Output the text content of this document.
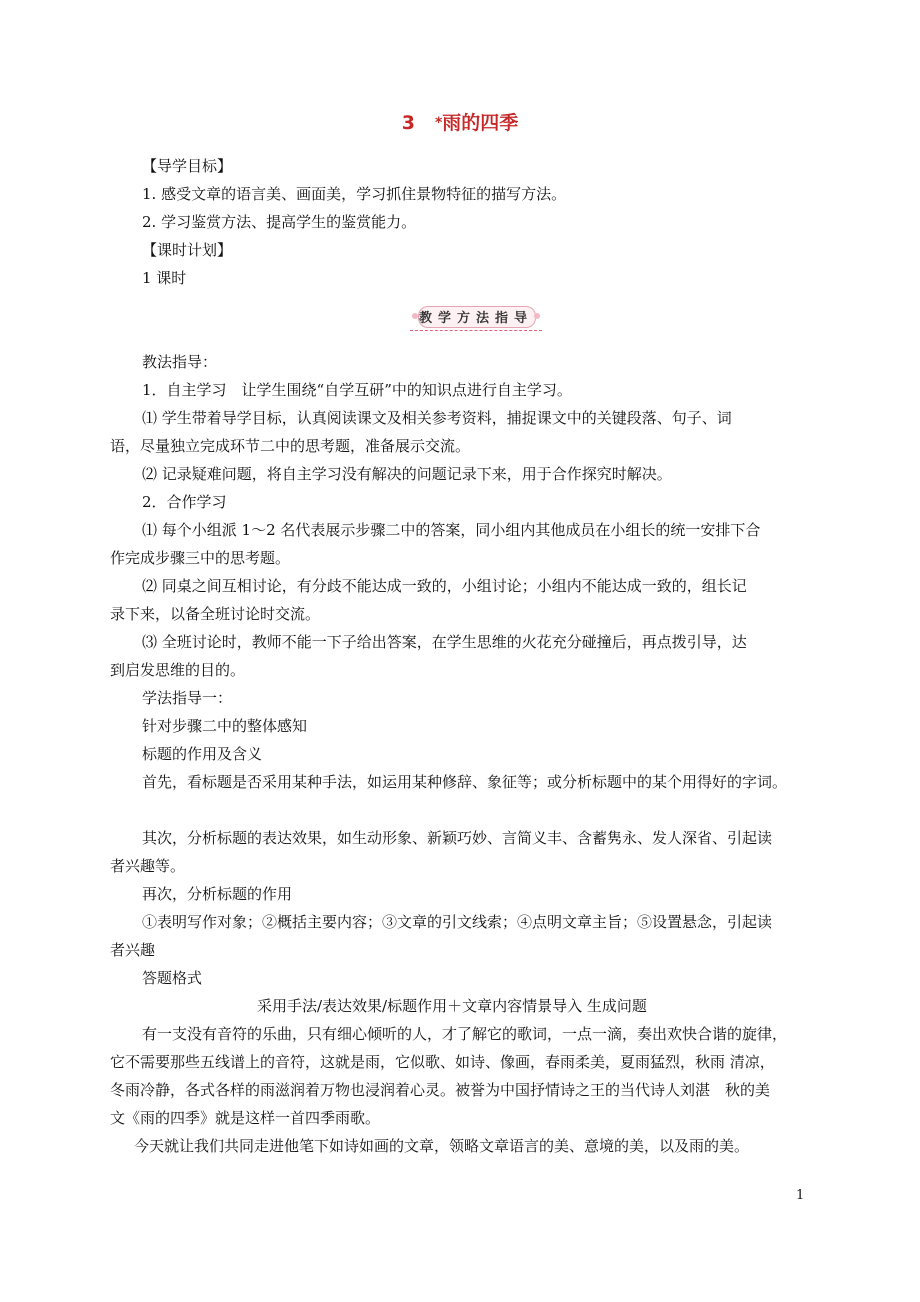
3 *雨的四季
【导学目标】
1. 感受文章的语言美、画面美，学习抓住景物特征的描写方法。
2. 学习鉴赏方法、提高学生的鉴赏能力。
【课时计划】
1 课时
教学方法指导
教法指导：
1．自主学习　让学生围绕“自学互研”中的知识点进行自主学习。
⑴ 学生带着导学目标，认真阅读课文及相关参考资料，捕捉课文中的关键段落、句子、词
语，尽量独立完成环节二中的思考题，准备展示交流。
⑵ 记录疑难问题，将自主学习没有解决的问题记录下来，用于合作探究时解决。
2．合作学习
⑴ 每个小组派 1～2 名代表展示步骤二中的答案，同小组内其他成员在小组长的统一安排下合
作完成步骤三中的思考题。
⑵ 同桌之间互相讨论，有分歧不能达成一致的，小组讨论；小组内不能达成一致的，组长记
录下来，以备全班讨论时交流。
⑶ 全班讨论时，教师不能一下子给出答案，在学生思维的火花充分碰撞后，再点拨引导，达
到启发思维的目的。
学法指导一：
针对步骤二中的整体感知
标题的作用及含义
首先，看标题是否采用某种手法，如运用某种修辞、象征等；或分析标题中的某个用得好的字词。
其次，分析标题的表达效果，如生动形象、新颖巧妙、言简义丰、含蓄隽永、发人深省、引起读
者兴趣等。
再次，分析标题的作用
①表明写作对象；②概括主要内容；③文章的引文线索；④点明文章主旨；⑤设置悬念，引起读
者兴趣
答题格式
采用手法/表达效果/标题作用＋文章内容情景导入 生成问题
有一支没有音符的乐曲，只有细心倾听的人，才了解它的歌词，一点一滴，奏出欢快合谐的旋律，
它不需要那些五线谱上的音符，这就是雨，它似歌、如诗、像画，春雨柔美，夏雨猛烈，秋雨 清凉，
冬雨冷静，各式各样的雨滋润着万物也浸润着心灵。被誉为中国抒情诗之王的当代诗人刘湛　秋的美
文《雨的四季》就是这样一首四季雨歌。
今天就让我们共同走进他笔下如诗如画的文章，领略文章语言的美、意境的美，以及雨的美。
1
